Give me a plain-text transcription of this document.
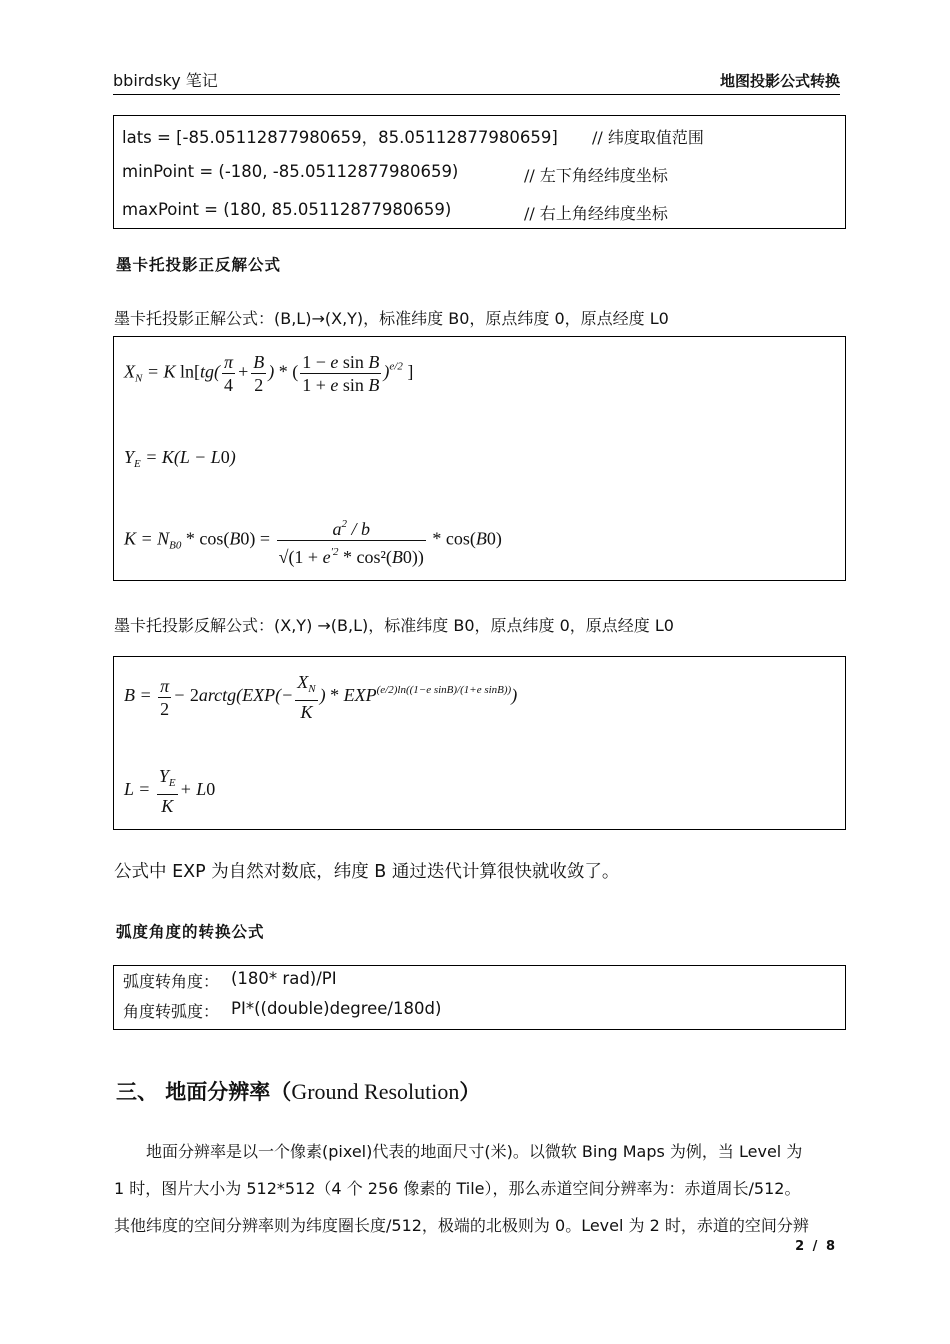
bbirdsky 笔记	地图投影公式转换
lats = [-85.05112877980659，85.05112877980659] // 纬度取值范围
minPoint = (-180, -85.05112877980659)	// 左下角经纬度坐标
maxPoint = (180, 85.05112877980659)	// 右上角经纬度坐标
墨卡托投影正反解公式
墨卡托投影正解公式：(B,L)→(X,Y)，标准纬度 B0，原点纬度 0，原点经度 L0
$X_N = K$ $\ln[tg( \frac{\pi}{4} + \frac{B}{2}$ ) * ( $\frac{\text{1 − e sin B}}{\text{1 + e sin B}} )^{e/2}$ ]
$Y_E = K(L - L0)$
$K = N_{B0} * \cos(B0) = \frac{a^2 / b}{√(1 + e^{'2} * \cos^2(B0))} * \cos(B0)$
墨卡托投影反解公式：(X,Y) →(B,L)，标准纬度 B0，原点纬度 0，原点经度 L0
$B = \frac{\pi}{2}$ − 2arctg(EXP(− $\frac{X_N}{K}$ ) * $EXP^{(e/2)ln((1-e sinB)/(1+e sinB))}$)
$L = \frac{Y_E}{K} + L0$
公式中 EXP 为自然对数底，纬度 B 通过迭代计算很快就收敛了。
弧度角度的转换公式
弧度转角度： (180* rad)/PI
角度转弧度： PI*((double)degree/180d)
三、 地面分辨率（Ground Resolution）
　　地面分辨率是以一个像素(pixel)代表的地面尺寸(米)。以微软 Bing Maps 为例，当 Level 为
1 时，图片大小为 512*512（4 个 256 像素的 Tile），那么赤道空间分辨率为：赤道周长/512。
其他纬度的空间分辨率则为纬度圈长度/512，极端的北极则为 0。Level 为 2 时，赤道的空间分辨
2 / 8
